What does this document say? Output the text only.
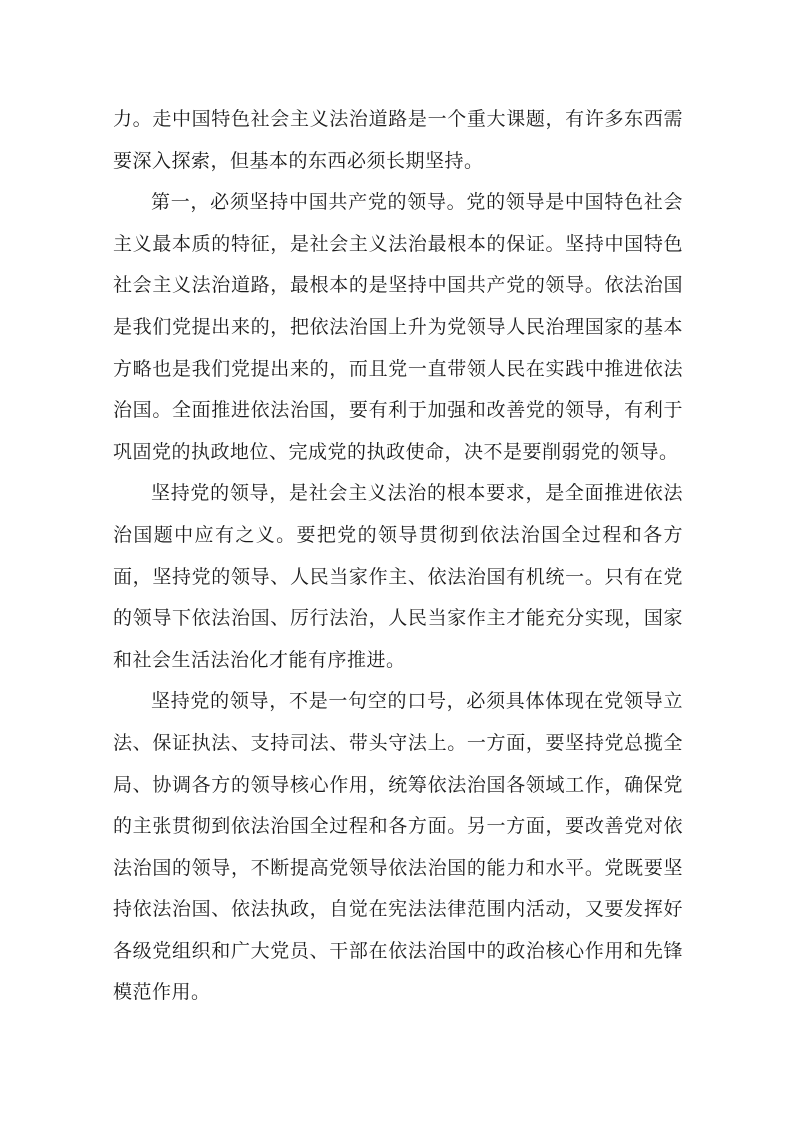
力。走中国特色社会主义法治道路是一个重大课题，有许多东西需

要深入探索，但基本的东西必须长期坚持。

第一，必须坚持中国共产党的领导。党的领导是中国特色社会

主义最本质的特征，是社会主义法治最根本的保证。坚持中国特色

社会主义法治道路，最根本的是坚持中国共产党的领导。依法治国

是我们党提出来的，把依法治国上升为党领导人民治理国家的基本

方略也是我们党提出来的，而且党一直带领人民在实践中推进依法

治国。全面推进依法治国，要有利于加强和改善党的领导，有利于

巩固党的执政地位、完成党的执政使命，决不是要削弱党的领导。

坚持党的领导，是社会主义法治的根本要求，是全面推进依法

治国题中应有之义。要把党的领导贯彻到依法治国全过程和各方

面，坚持党的领导、人民当家作主、依法治国有机统一。只有在党

的领导下依法治国、厉行法治，人民当家作主才能充分实现，国家

和社会生活法治化才能有序推进。

坚持党的领导，不是一句空的口号，必须具体体现在党领导立

法、保证执法、支持司法、带头守法上。一方面，要坚持党总揽全

局、协调各方的领导核心作用，统筹依法治国各领域工作，确保党

的主张贯彻到依法治国全过程和各方面。另一方面，要改善党对依

法治国的领导，不断提高党领导依法治国的能力和水平。党既要坚

持依法治国、依法执政，自觉在宪法法律范围内活动，又要发挥好

各级党组织和广大党员、干部在依法治国中的政治核心作用和先锋

模范作用。
